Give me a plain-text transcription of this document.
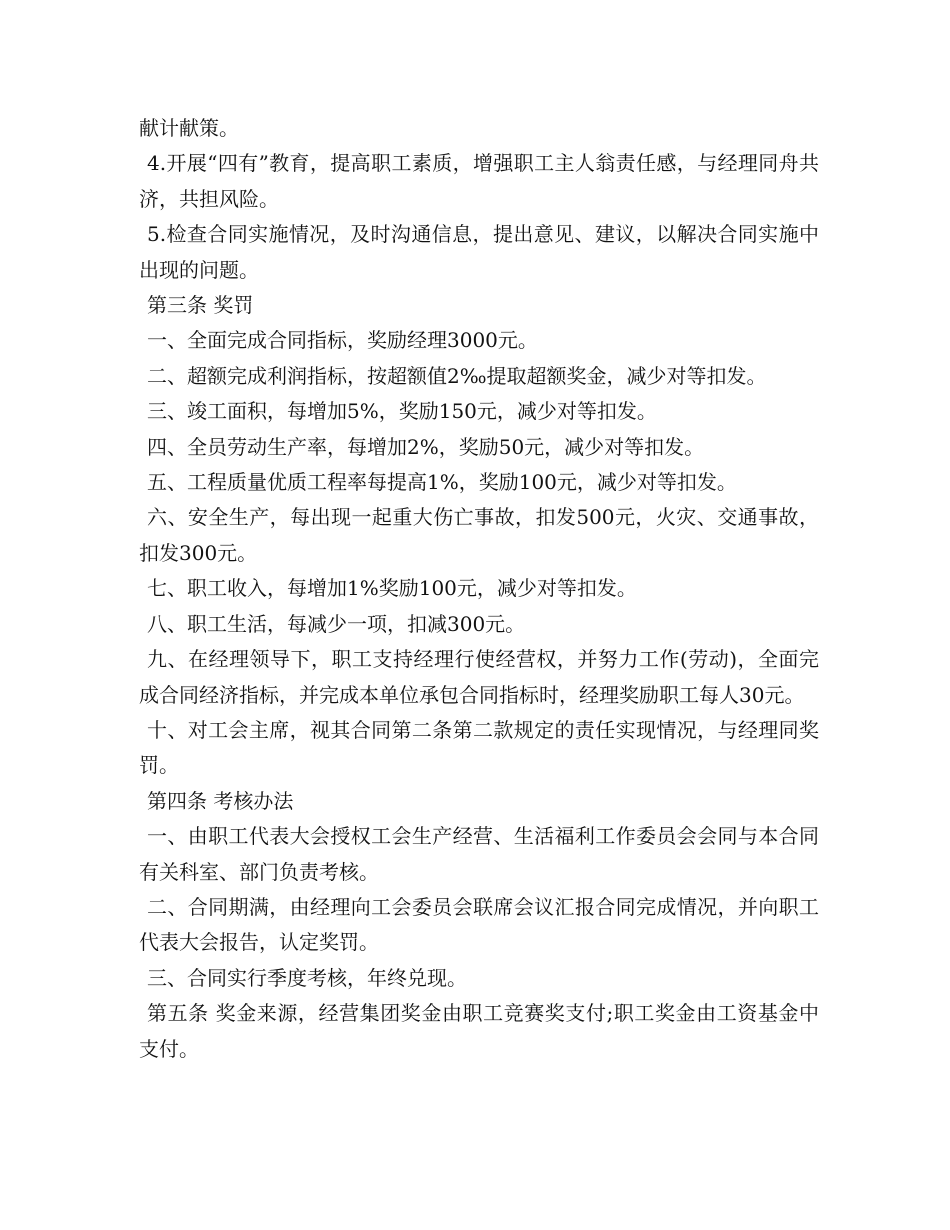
献计献策。

4.开展“四有”教育，提高职工素质，增强职工主人翁责任感，与经理同舟共济，共担风险。

5.检查合同实施情况，及时沟通信息，提出意见、建议，以解决合同实施中出现的问题。

第三条 奖罚

一、全面完成合同指标，奖励经理3000元。

二、超额完成利润指标，按超额值2‰提取超额奖金，减少对等扣发。

三、竣工面积，每增加5%，奖励150元，减少对等扣发。

四、全员劳动生产率，每增加2%，奖励50元，减少对等扣发。

五、工程质量优质工程率每提高1%，奖励100元，减少对等扣发。

六、安全生产，每出现一起重大伤亡事故，扣发500元，火灾、交通事故，扣发300元。

七、职工收入，每增加1%奖励100元，减少对等扣发。

八、职工生活，每减少一项，扣减300元。

九、在经理领导下，职工支持经理行使经营权，并努力工作(劳动)，全面完成合同经济指标，并完成本单位承包合同指标时，经理奖励职工每人30元。

十、对工会主席，视其合同第二条第二款规定的责任实现情况，与经理同奖罚。

第四条 考核办法

一、由职工代表大会授权工会生产经营、生活福利工作委员会会同与本合同有关科室、部门负责考核。

二、合同期满，由经理向工会委员会联席会议汇报合同完成情况，并向职工代表大会报告，认定奖罚。

三、合同实行季度考核，年终兑现。

第五条 奖金来源，经营集团奖金由职工竞赛奖支付;职工奖金由工资基金中支付。
